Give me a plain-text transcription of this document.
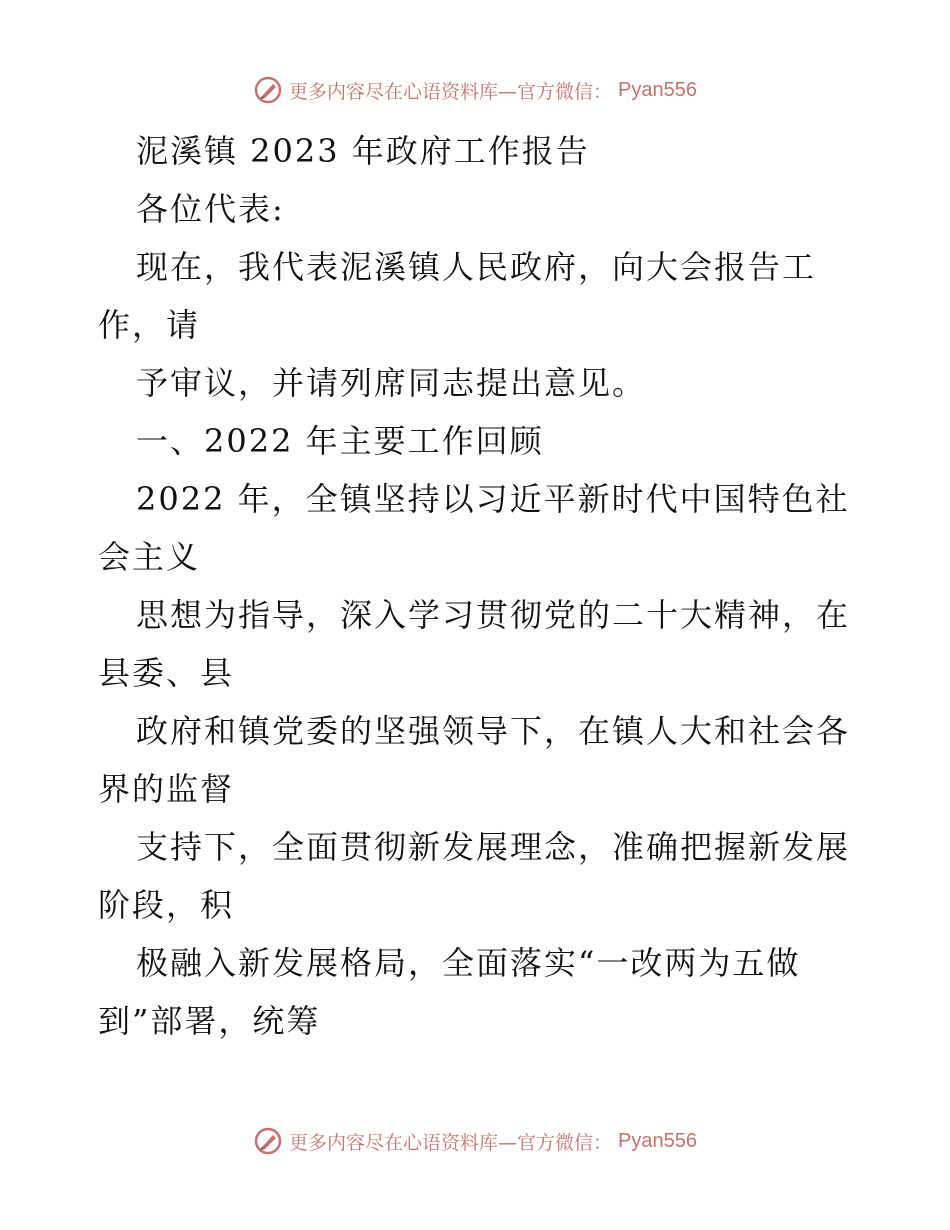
更多内容尽在心语资料库—官方微信： Pyan556
泥溪镇 2023 年政府工作报告
各位代表:
现在，我代表泥溪镇人民政府，向大会报告工
作，请
予审议，并请列席同志提出意见。
一、2022 年主要工作回顾
2022 年，全镇坚持以习近平新时代中国特色社
会主义
思想为指导，深入学习贯彻党的二十大精神，在
县委、县
政府和镇党委的坚强领导下，在镇人大和社会各
界的监督
支持下，全面贯彻新发展理念，准确把握新发展
阶段，积
极融入新发展格局，全面落实“一改两为五做
到”部署，统筹
更多内容尽在心语资料库—官方微信： Pyan556
